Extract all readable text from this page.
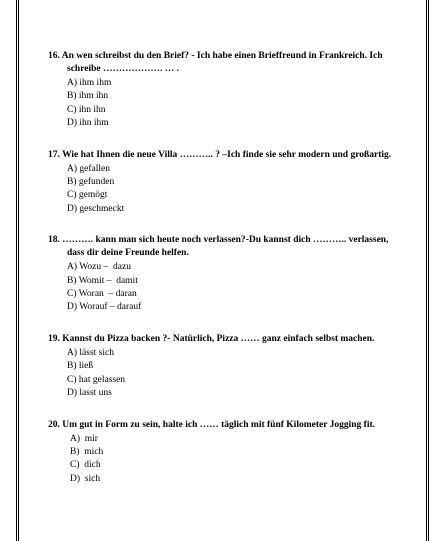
16. An wen schreibst du den Brief? - Ich habe einen Brieffreund in Frankreich. Ich schreibe ………………. … .

A) ihm ihm
B) ihm ihn
C) ihn ihn
D) ihn ihm

17. Wie hat Ihnen die neue Villa ……….. ? –Ich finde sie sehr modern und großartig.

A) gefallen
B) gefunden
C) gemögt
D) geschmeckt

18. ………. kann man sich heute noch verlassen?-Du kannst dich ……….. verlassen, dass dir deine Freunde helfen.

A) Wozu –  dazu
B) Womit –  damit
C) Woran  – daran
D) Worauf – darauf

19. Kannst du Pizza backen ?- Natürlich, Pizza …… ganz einfach selbst machen.

A) lässt sich
B) ließ
C) hat gelassen
D) lasst uns

20. Um gut in Form zu sein, halte ich …… täglich mit fünf Kilometer Jogging fit.

A)  mir
B)  mich
C)  dich
D)  sich
